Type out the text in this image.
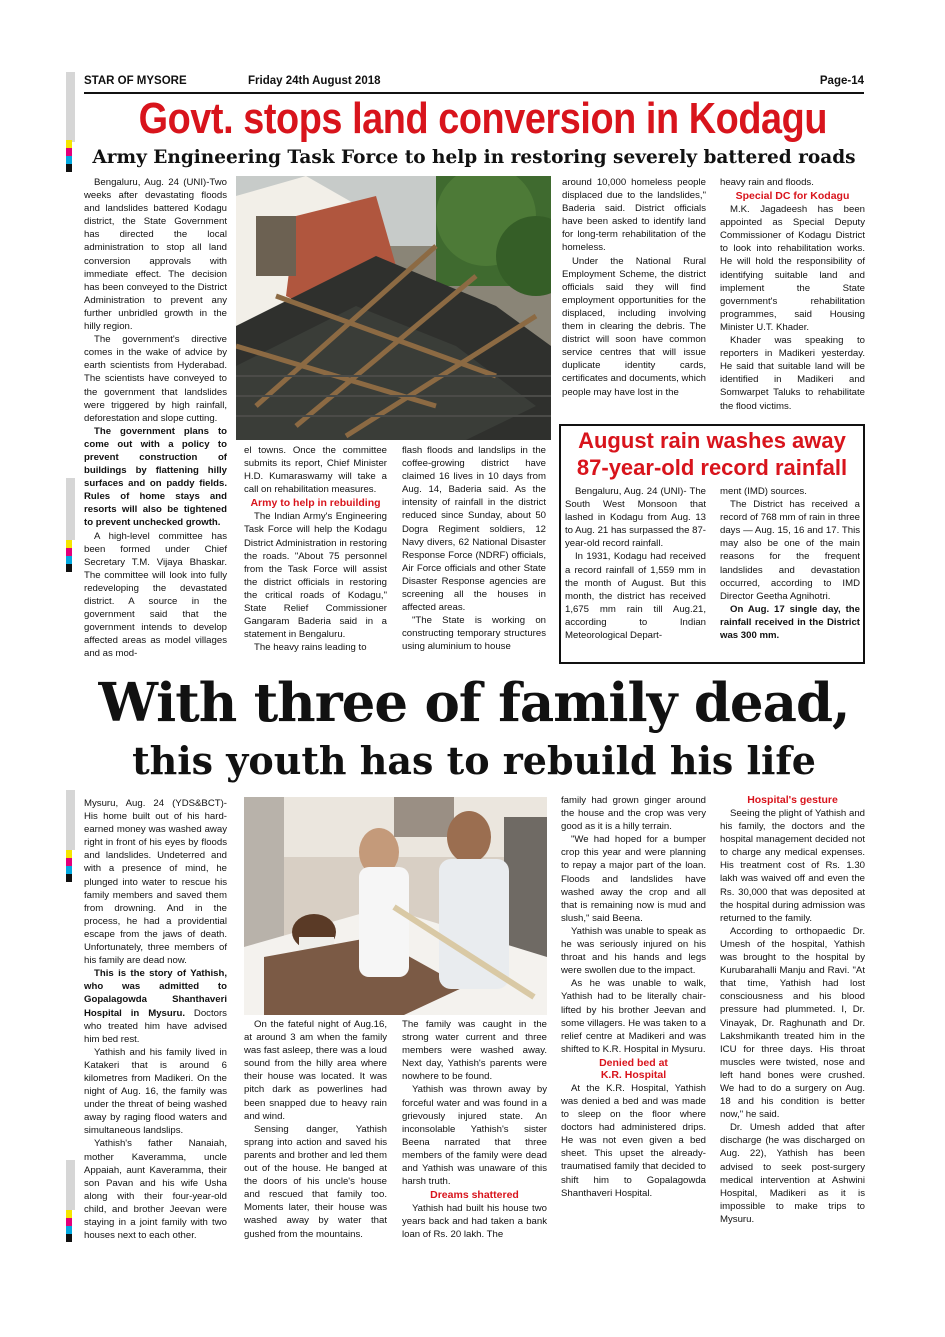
STAR OF MYSORE	Friday 24th August 2018	Page-14
Govt. stops land conversion in Kodagu
Army Engineering Task Force to help in restoring severely battered roads

Bengaluru, Aug. 24 (UNI)-Two weeks after devastating floods and landslides battered Kodagu district, the State Government has directed the local administration to stop all land conversion approvals with immediate effect. The decision has been conveyed to the District Administration to prevent any further unbridled growth in the hilly region.

The government's directive comes in the wake of advice by earth scientists from Hyderabad. The scientists have conveyed to the government that landslides were triggered by high rainfall, deforestation and slope cutting.

The government plans to come out with a policy to prevent construction of buildings by flattening hilly surfaces and on paddy fields. Rules of home stays and resorts will also be tightened to prevent unchecked growth.

A high-level committee has been formed under Chief Secretary T.M. Vijaya Bhaskar. The committee will look into fully redeveloping the devastated district. A source in the government said that the government intends to develop affected areas as model villages and as mod-

el towns. Once the committee submits its report, Chief Minister H.D. Kumaraswamy will take a call on rehabilitation measures.

Army to help in rebuilding

The Indian Army's Engineering Task Force will help the Kodagu District Administration in restoring the roads. "About 75 personnel from the Task Force will assist the district officials in restoring the critical roads of Kodagu," State Relief Commissioner Gangaram Baderia said in a statement in Bengaluru.

The heavy rains leading to

flash floods and landslips in the coffee-growing district have claimed 16 lives in 10 days from Aug. 14, Baderia said. As the intensity of rainfall in the district reduced since Sunday, about 50 Dogra Regiment soldiers, 12 Navy divers, 62 National Disaster Response Force (NDRF) officials, Air Force officials and other State Disaster Response agencies are screening all the houses in affected areas.

"The State is working on constructing temporary structures using aluminium to house

around 10,000 homeless people displaced due to the landslides," Baderia said. District officials have been asked to identify land for long-term rehabilitation of the homeless.

Under the National Rural Employment Scheme, the district officials said they will find employment opportunities for the displaced, including involving them in clearing the debris. The district will soon have common service centres that will issue duplicate identity cards, certificates and documents, which people may have lost in the

heavy rain and floods.

Special DC for Kodagu

M.K. Jagadeesh has been appointed as Special Deputy Commissioner of Kodagu District to look into rehabilitation works. He will hold the responsibility of identifying suitable land and implement the State government's rehabilitation programmes, said Housing Minister U.T. Khader.

Khader was speaking to reporters in Madikeri yesterday. He said that suitable land will be identified in Madikeri and Somwarpet Taluks to rehabilitate the flood victims.

August rain washes away
87-year-old record rainfall

Bengaluru, Aug. 24 (UNI)- The South West Monsoon that lashed in Kodagu from Aug. 13 to Aug. 21 has surpassed the 87-year-old record rainfall.

In 1931, Kodagu had received a record rainfall of 1,559 mm in the month of August. But this month, the district has received 1,675 mm rain till Aug.21, according to Indian Meteorological Depart-

ment (IMD) sources.

The District has received a record of 768 mm of rain in three days — Aug. 15, 16 and 17. This may also be one of the main reasons for the frequent landslides and devastation occurred, according to IMD Director Geetha Agnihotri.

On Aug. 17 single day, the rainfall received in the District was 300 mm.

With three of family dead,
this youth has to rebuild his life

Mysuru, Aug. 24 (YDS&BCT)- His home built out of his hard-earned money was washed away right in front of his eyes by floods and landslides. Undeterred and with a presence of mind, he plunged into water to rescue his family members and saved them from drowning. And in the process, he had a providential escape from the jaws of death. Unfortunately, three members of his family are dead now.

This is the story of Yathish, who was admitted to Gopalagowda Shanthaveri Hospital in Mysuru. Doctors who treated him have advised him bed rest.

Yathish and his family lived in Katakeri that is around 6 kilometres from Madikeri. On the night of Aug. 16, the family was under the threat of being washed away by raging flood waters and simultaneous landslips.

Yathish's father Nanaiah, mother Kaveramma, uncle Appaiah, aunt Kaveramma, their son Pavan and his wife Usha along with their four-year-old child, and brother Jeevan were staying in a joint family with two houses next to each other.

On the fateful night of Aug.16, at around 3 am when the family was fast asleep, there was a loud sound from the hilly area where their house was located. It was pitch dark as powerlines had been snapped due to heavy rain and wind.

Sensing danger, Yathish sprang into action and saved his parents and brother and led them out of the house. He banged at the doors of his uncle's house and rescued that family too. Moments later, their house was washed away by water that gushed from the mountains.

The family was caught in the strong water current and three members were washed away. Next day, Yathish's parents were nowhere to be found.

Yathish was thrown away by forceful water and was found in a grievously injured state. An inconsolable Yathish's sister Beena narrated that three members of the family were dead and Yathish was unaware of this harsh truth.

Dreams shattered

Yathish had built his house two years back and had taken a bank loan of Rs. 20 lakh. The

family had grown ginger around the house and the crop was very good as it is a hilly terrain.

"We had hoped for a bumper crop this year and were planning to repay a major part of the loan. Floods and landslides have washed away the crop and all that is remaining now is mud and slush," said Beena.

Yathish was unable to speak as he was seriously injured on his throat and his hands and legs were swollen due to the impact.

As he was unable to walk, Yathish had to be literally chair-lifted by his brother Jeevan and some villagers. He was taken to a relief centre at Madikeri and was shifted to K.R. Hospital in Mysuru.

Denied bed at
K.R. Hospital

At the K.R. Hospital, Yathish was denied a bed and was made to sleep on the floor where doctors had administered drips. He was not even given a bed sheet. This upset the already-traumatised family that decided to shift him to Gopalagowda Shanthaveri Hospital.

Hospital's gesture

Seeing the plight of Yathish and his family, the doctors and the hospital management decided not to charge any medical expenses. His treatment cost of Rs. 1.30 lakh was waived off and even the Rs. 30,000 that was deposited at the hospital during admission was returned to the family.

According to orthopaedic Dr. Umesh of the hospital, Yathish was brought to the hospital by Kurubarahalli Manju and Ravi. "At that time, Yathish had lost consciousness and his blood pressure had plummeted. I, Dr. Vinayak, Dr. Raghunath and Dr. Lakshmikanth treated him in the ICU for three days. His throat muscles were twisted, nose and left hand bones were crushed. We had to do a surgery on Aug. 18 and his condition is better now," he said.

Dr. Umesh added that after discharge (he was discharged on Aug. 22), Yathish has been advised to seek post-surgery medical intervention at Ashwini Hospital, Madikeri as it is impossible to make trips to Mysuru.
